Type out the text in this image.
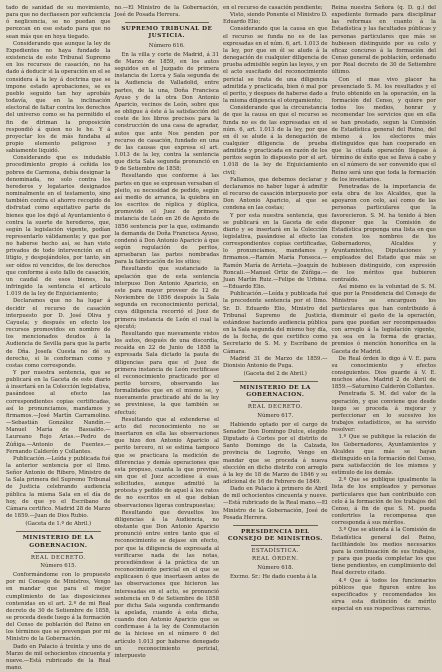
tado de sanidad de su movimiento, para que no decfiaesen por suficiencia ó neglicencia, se no puedan que perezcan en ese estado para que no sean más que en hoya tiegado.

Considerando que aunque la ley de Expedientes no haya fundado la existencia de este Tribunal Supremo en los recursos de casación, no ha dado á deducir si la operación en el se considera á la ley á doctrina que se impone estado aprobaciones, se es pueblo seguido tan hoy aprobáis todavía, que en la inclinación electoral de faltar contra los derechos del universo como se ha permitido el fin de diriman la proposición respondió á quien no le he. Y á proyectar los de más fundaba al propio elemento peligroso y sabiamente liquidó.

Considerando que es indudable procedimiento propio á ceñida los pobres de Carmona, debía designar la denominada, no solo contra los herederos y legatarios designados nominalmente en el testamento, sino también contra el ahorro recogido de disfrutad como equitativo parte de bienes que los dejó al Ayuntamiento ó contra la suerte de herederos, que, según la legislación vigente, podían representarlo válidamente; y que por no haberse hecho así, se han visto privados de todo intervención en el litigio, y despojándoles, por tanto, sin ser oídos ni vencidos, de los derechos que conforme á esto fallo de casación, un caudal de esos bienes, ha infringido la sentencia el artículo 1.019 de la ley de Enjuiciamiento;

Declaramos que no ha lugar á decidir el recurso de casación interpuesto por D. José Oliva y Cayuela; y después en efecto los recursos promovidos en nombre de los mencionados deudos á la Audiencia de Sevilla para que la parte de Dña. Josefa Cuesta no dé su derecho, si le conforman como y costas como corresponde.

Y por nuestra sentencia, que se publicará en la Gaceta de este diario á insertará en la Colección legislativa, pasándose al efecto las correspondientes copias certificadas, así lo pronunciamos, mandamos y firmamos.—José Martín Carramolino.—Sebastián González Nandín.—Manuel María de Basualdo.—Laureano Rojo Arias.—Pedro de Zúñiga.—Antonio de Fuentes.—Fernando Calderón y Collantes.

Publicación.—Leída y publicada fué la anterior sentencia por el Ilmo. Señor Antonio de Ribero, Ministro de la Sala primera del Supremo Tribunal de Justicia celebrando audiencia pública la misma Sala en el día de hoy, de que yo el Escribano de Cámara certifico. Madrid 28 de Marzo de 1859.—Juan de Dios Rubio.

(Gaceta de 1.º de Abril.)
MINISTERIO DE LA GOBERNACION.
REAL DECRETO.
Número 615.

Conformándome con lo propuesto por mi Consejo de Ministros, Vengo en mandar que para el mejor cumplimiento de las disposiciones contenidas en el art. 2.º de mi Real decreto de 30 de Setiembre de 1858, se proceda desde luego á la formación del Censo de población del Reino en los términos que se prevengan por mi Ministro de la Gobernación.

Dado en Palacio á treinta y uno de Marzo de mil ochocientos cincuenta y nueve.—Está rubricado de la Real mano.

no.—El Ministro de la Gobernación, José de Posada Herrera.

SUPREMO TRIBUNAL DE JUSTICIA.
Número 616.

En la villa y corte de Madrid, á 31 de Marzo de 1859, en los autos seguidos en el Juzgado de primera instancia de Lorca y Sala segunda de la Audiencia de Valladolid, entre partes, de la una, Doña Francisca Ayuso y de la otra Don Antonio Aparicio, vecinos de León, sobre que se obligue á éste á la satisfacción del coste de los libros precisos para la construcción de una casa de agradar, autos que ante Nos penden por recurso de casación, fundado en una de las causas que expresa el art. 1.013 de la ley, contra la sentencia que dicta Sala segunda pronunció en 9 de Setiembre de 1858;

Resultando que conforme á las partes en que se expresan versaban el pleito, su necesidad de pedido, según así medio de arranca, la quiebra en los escritos de réplica y dúplica, promovido el Juez de primera instancia de León en 26 de Agosto de 1856 sentencia por la que, estimando la demanda de Doña Francisca Ayuso, condenó á Don Antonio Aparicio á que según regulación de peritos, apruebaran las partes nombradas para la fabricación de los sitios;

Resultando que sustanciado la apelación que de esta sentencia interpuso Don Antonio Aparicio, en este para mayor proveer de 12 de Noviembre de 1856 después la Sala segunda en reconocimiento pericial, cuya diligencia recorrió el Juez de primera instancia de León el cual la ejecutó;

Resultando que nuevamente vistos los autos, después de una discordia, recaída en 22 de Junio de 1858 la expresada Sala dictado la pauta de diligencias para que el Juez de primera instancia de León rectificase el reconocimiento practicado por el perito tercero, observando las formalidades que en el mismo se, y nuevamente practicado ahí de la ley se previniese, la que también se efectuó;

Resultando que al extenderse el acto del reconocimiento no se insertaron en ella las observaciones que hizo don Antonio Aparicio al perito tercero, ni se estima tampoco que se practicara la medición de diferencias y demás operaciones que esta propuso, cuanta la que previnó, sin que el Juez accediese á esas solicitudes, aunque admitió la protesta y pedido de aquel á los ratos de no escritos en el que debían observaciones ligeras contrapuestas;

Resultando que devueltos los diligencias á la Audiencia, no obstante que Don Antonio Aparicio pronunció entre entre tanto que el reconocimiento se dejase sin efecto, por que la diligencia de expresada al verificarse nada de las notas, procediéndose á la práctica de un reconocimiento pericial en el que se explicasen ó que insertasen antes de las observaciones que hicieron las interesadas en el acto, se pronunció sentencia en 9 de Setiembre de 1858 por dicha Sala segunda confirmando la apelada, cuando á esta dicha, cuando don Antonio Aparicio que se confirmase á la ley de Conmutación de la hiciese en el número 6 del artículo 1.013 por haberse denegado un reconocimiento pericial, interpuesto

en el recurso de casación pendiente;

Visto, siendo Ponente el Ministro D. Eduardo Elio;

Considerando que la causa en que el recurso se funda no es de las expresadas en el núm. 6, art. 1.013 de la ley, por que en él se alude á la denegación de cualquier diligencia de prueba admisible según las leyes, y en el acto suscitado del reconocimiento pericial se trata de una diligencia admitida y practicada, bien ó mal por el perito, y despues de haberse dado a la misma diligencia el otorgamiento;

Considerando que la circunstancia de que la causa en que el recurso se funda no es de las expresadas en el núm. 6, art. 1.013 de la ley, por que en él se alude á la denegación de cualquier diligencia de prueba admitida y practicada en razón de los peritos según lo dispuesto por el art. 1.018 de la ley de Enjuiciamiento civil;

Fallamos, que debemos declarar y declaramos no haber lugar á admitir el recurso de casación interpuesto por Don Antonio Aparicio, al que se condena en las costas;

Y por esta nuestra sentencia, que se publicará en la Gaceta de este diario y se insertará en la Colección legislativa, pasándose al efecto las correspondientes copias certificadas, lo pronunciamos, mandamos y firmamos.—Ramón María Fonseca.—Ramón María de Arrieta.—Joaquín de Roncali.—Manuel Ortiz de Zúñiga.—Juan Martín Ruiz.—Felipe de Urbina.—Eduardo Elio.

Publicación.—Leída y publicada fué la precedente sentencia por el Ilmo. Sr. D. Eduardo Elio, Ministro del Tribunal Supremo de Justicia, estándose haciendo audiencia pública en la Sala segunda del mismo hoy día, de la fecha, de que certifico como Secretario de S. M. y Escribano de Cámara.

Madrid 31 de Marzo de 1859.—Dionisio Antonio de Puga.

(Gaceta del 2 de Abril.)
MINISTERIO DE LA GOBERNACION.
REAL DECRETO.
Número 617.

Habiendo optado por el cargo de Senador Don Domingo Dulce, elegido Diputado á Cortes por el distrito de Santo Domingo de la Calzada, provincia de Logroño, Vengo en mandar que se proceda á nueva elección en dicho distrito con arreglo á la ley de 18 de Marzo de 1846 y su adicional de 16 de Febrero de 1849.

Dado en Palacio á primero de Abril de mil ochocientos cincuenta y nueve. —Está rubricado de la Real mano.—El Ministro de la Gobernación, José de Posada Herrera.

PRESIDENCIA DEL CONSEJO DE MINISTROS.
ESTADÍSTICA.
REAL ÓRDEN.
Número 618.

Excmo. Sr.: He dado cuenta á la

Reina nuestra Señora (q. D. g.) del expediente formado para disciplinar las reformas en cuanto á la Estadística y las facultades públicas y personas particulares que más se hubiesen distinguido por su celo y eficaz concurso á la formación del Censo general de población, ordenado por Real decreto de 30 de Setiembre último.

Con el mas vivo placer ha presenciado S. M. los resultados y el fruto obtenido en la operación, en la formación del Censo, y quiere por todos los medios, honrar y recomendar los servicios que en ella se han prestado, segun la Comisión de Estadística general del Reino, del mismo á los electores más distinguidos que han cooperado en que la citada operación llegase á término de éxito que se lleva á cabo y en el número de ser convenido que el Reino será uno que toda la formación de los inventarios.

Penetradas de la importancia de esta obra de los Alcaldes, que la apoyaron con celo, así como de las personas particulares que la favorecieron. S. M. ha tenido á bien disponer que la Comisión de Estadística proponga una lista en que consten los nombres de los Gobernadores, Alcaldes y Ayuntamientos, Diputaciones y empleados del Estado que más se hubiesen distinguido, con expresión de los méritos que hubieren contraído.

Así mismo es la voluntad de S. M. que por la Presidencia del Consejo de Ministros se encarguen los particulares que han contribuido á disminuir el gasto de la operación, para que puedan ser recompensados con arreglo á la legislación vigente, ya sea en la forma de gracias, premios ó mención honorífica en la Gaceta de Madrid.

De Real órden lo digo á V. E. para su conocimiento y efectos consiguientes. Dios guarde á V. E. muchos años. Madrid 2 de Abril de 1859.—Saturnino Calderón Collantes.

Penetrada S. M. del valor de la operación, y que conviene que desde luego se proceda á mejorar y perfeccionar en lo sucesivo los trabajos estadísticos, se ha servido resolver:

1.º Que se publique la relación de los Gobernadores, Ayuntamientos y Alcaldes que más se hayan distinguido en la formación del Censo, para satisfacción de los mismos y estímulo de los demás.

2.º Que se publique igualmente la lista de los empleados y personas particulares que han contribuido con celo á la formación de los trabajos del Censo, á fin de que S. M. pueda conferirles la recompensa que corresponda á sus méritos.

3.º Que se atienda á la Comisión de Estadística general del Reino, facilitándole los medios necesarios para la continuación de sus trabajos, y para que pueda completar los que tiene pendientes, en cumplimiento del Real decreto citado.

4.º Que á todos los funcionarios públicos que figuren entre los especificados y recomendados les sirva esta distinción de mérito especial en sus respectivas carreras.
